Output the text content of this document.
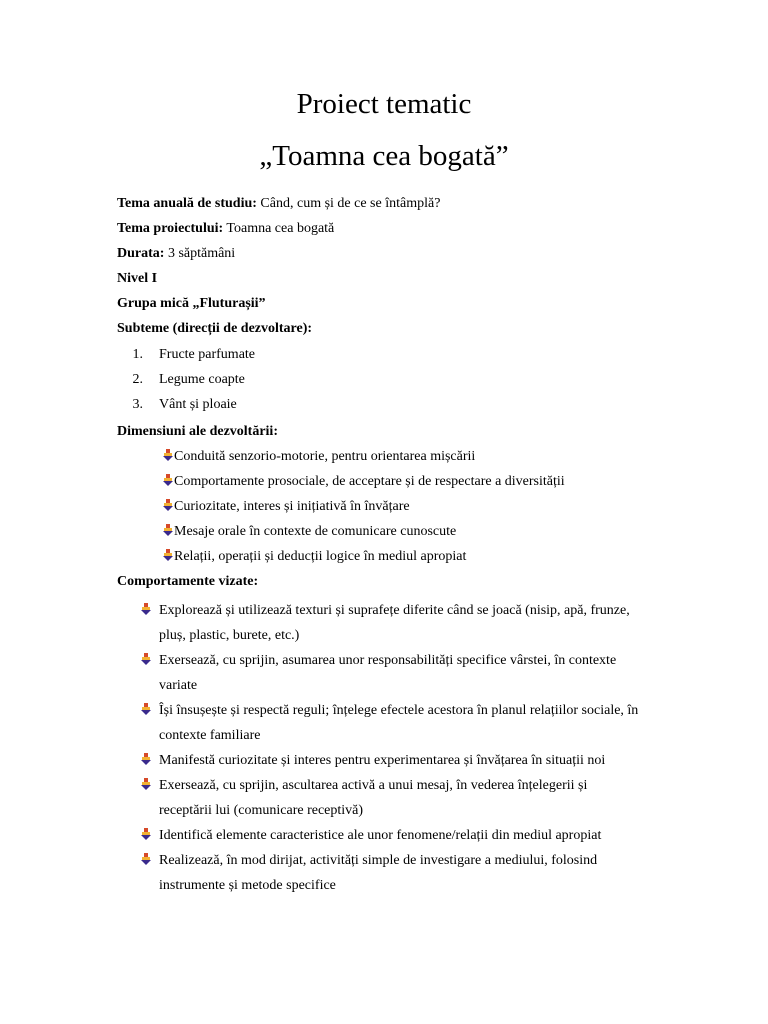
Proiect tematic
„Toamna cea bogată”
Tema anuală de studiu: Când, cum și de ce se întâmplă?
Tema proiectului: Toamna cea bogată
Durata: 3 săptămâni
Nivel I
Grupa mică „Fluturașii”
Subteme (direcții de dezvoltare):
1. Fructe parfumate
2. Legume coapte
3. Vânt și ploaie
Dimensiuni ale dezvoltării:
Conduită senzorio-motorie, pentru orientarea mișcării
Comportamente prosociale, de acceptare și de respectare a diversității
Curiozitate, interes și inițiativă în învățare
Mesaje orale în contexte de comunicare cunoscute
Relații, operații și deducții logice în mediul apropiat
Comportamente vizate:
Explorează și utilizează texturi și suprafețe diferite când se joacă (nisip, apă, frunze, pluș, plastic, burete, etc.)
Exersează, cu sprijin, asumarea unor responsabilități specifice vârstei, în contexte variate
Își însușește și respectă reguli; înțelege efectele acestora în planul relațiilor sociale, în contexte familiare
Manifestă curiozitate și interes pentru experimentarea și învățarea în situații noi
Exersează, cu sprijin, ascultarea activă a unui mesaj, în vederea înțelegerii și receptării lui (comunicare receptivă)
Identifică elemente caracteristice ale unor fenomene/relații din mediul apropiat
Realizează, în mod dirijat, activități simple de investigare a mediului, folosind instrumente și metode specifice
